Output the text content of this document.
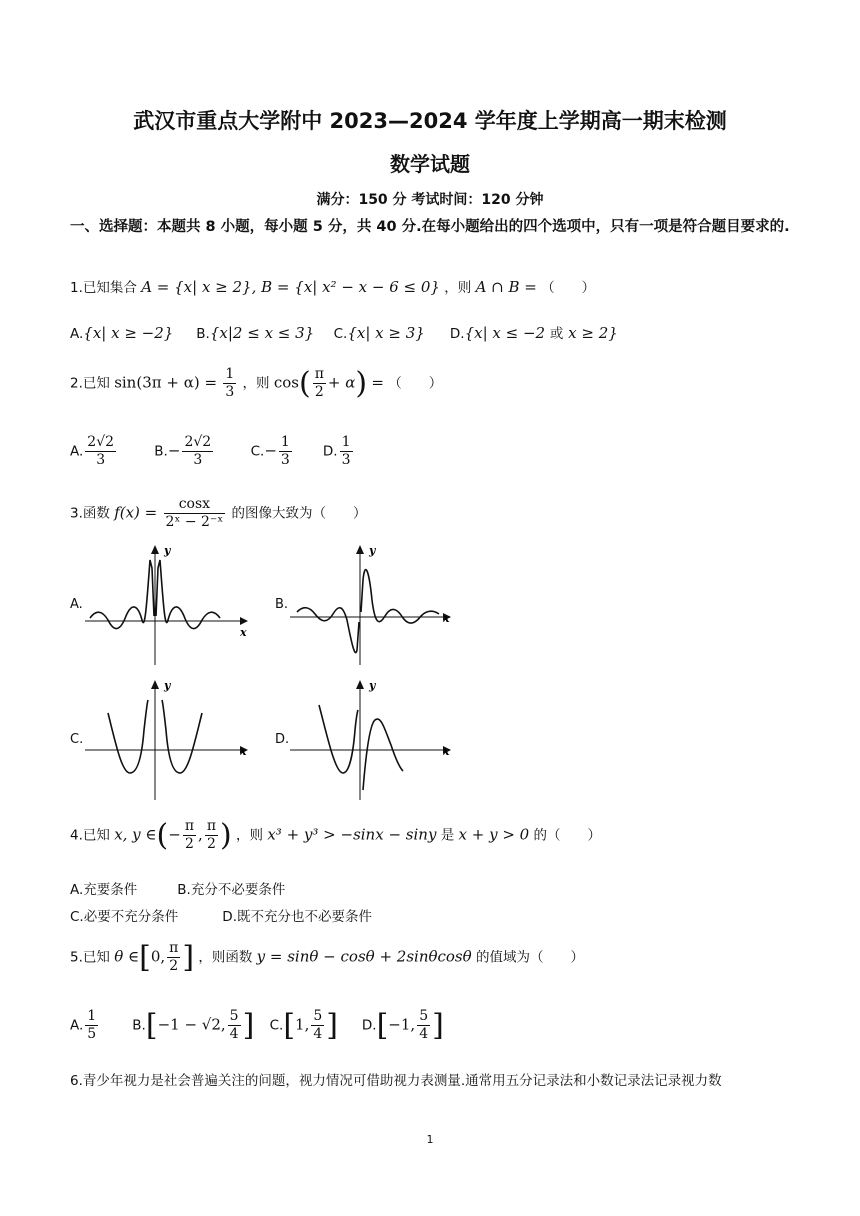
武汉市重点大学附中 2023—2024 学年度上学期高一期末检测
数学试题
满分：150 分 考试时间：120 分钟
一、选择题：本题共 8 小题，每小题 5 分，共 40 分.在每小题给出的四个选项中，只有一项是符合题目要求的.
1.已知集合 A = {x| x ≥ 2}, B = {x| x² − x − 6 ≤ 0} ，则 A ∩ B = （　　）
A.{x| x ≥ −2} B.{x|2 ≤ x ≤ 3} C.{x| x ≥ 3} D.{x| x ≤ −2 或 x ≥ 2}
2.已知 $\sin(3\pi + \alpha) = \frac{1}{3}$ ，则 $\cos( \frac{\pi}{2} + \alpha)$ = （　　）
A. $\frac{2√2}{3}$	$B.- \frac{2√2}{3}$	$C.- \frac{1}{3} D$. $\frac{1}{3}$
3.函数 $f(x) = \frac{\cos x}{\text{2ˣ − 2⁻ˣ}}$ 的图像大致为（　　）
A.
y
x
B.
y
x
C.
y
x
D.
y
x
4.已知 x, y ∈(− $\frac{\pi}{2}$ , $\frac{\pi}{2}$ ) ，则 x³ + y³ > −sinx − siny 是 x + y > 0 的（　　）
A.充要条件	B.充分不必要条件
C.必要不充分条件	D.既不充分也不必要条件
5.已知 θ ∈[0, $\frac{\pi}{2}$ ] ，则函数 y = sinθ − cosθ + 2sinθcosθ 的值域为（　　）
A. $\frac{1}{5}$	B.[−1 − √2, $\frac{5}{4}$ ] C.[1, $\frac{5}{4}$ ] D.[−1, $\frac{5}{4}$ ]
6.青少年视力是社会普遍关注的问题，视力情况可借助视力表测量.通常用五分记录法和小数记录法记录视力数
1
